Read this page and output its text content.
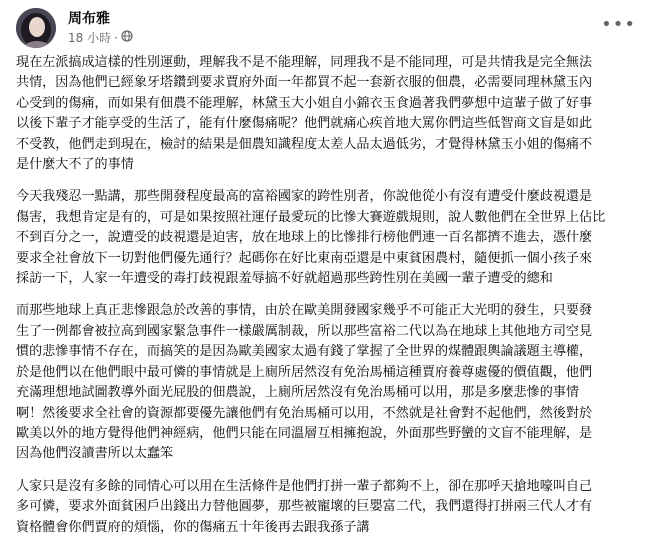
周布雅
18 小時 ·
•••
現在左派搞成這樣的性別運動，理解我不是不能理解，同理我不是不能同理，可是共情我是完全無法
共情，因為他們已經象牙塔鑽到要求賈府外面一年都買不起一套新衣服的佃農，必需要同理林黛玉內
心受到的傷痛，而如果有佃農不能理解，林黛玉大小姐自小錦衣玉食過著我們夢想中這輩子做了好事
以後下輩子才能享受的生活了，能有什麼傷痛呢？他們就痛心疾首地大罵你們這些低智商文盲是如此
不受教，他們走到現在，檢討的結果是佃農知識程度太差人品太過低劣，才覺得林黛玉小姐的傷痛不
是什麼大不了的事情
今天我殘忍一點講，那些開發程度最高的富裕國家的跨性別者，你說他從小有沒有遭受什麼歧視還是
傷害，我想肯定是有的，可是如果按照社運仔最愛玩的比慘大賽遊戲規則，說人數他們在全世界上佔比
不到百分之一，說遭受的歧視還是迫害，放在地球上的比慘排行榜他們連一百名都擠不進去，憑什麼
要求全社會放下一切對他們優先通行？起碼你在好比東南亞還是中東貧困農村，隨便抓一個小孩子來
採訪一下，人家一年遭受的毒打歧視跟羞辱搞不好就超過那些跨性別在美國一輩子遭受的總和
而那些地球上真正悲慘跟急於改善的事情，由於在歐美開發國家幾乎不可能正大光明的發生，只要發
生了一例都會被拉高到國家緊急事件一樣嚴厲制裁，所以那些富裕二代以為在地球上其他地方司空見
慣的悲慘事情不存在，而搞笑的是因為歐美國家太過有錢了掌握了全世界的煤體跟輿論議題主導權，
於是他們以在他們眼中最可憐的事情就是上廁所居然沒有免治馬桶這種賈府養尊處優的價值觀，他們
充滿理想地試圖教導外面光屁股的佃農說，上廁所居然沒有免治馬桶可以用，那是多麼悲慘的事情
啊！然後要求全社會的資源都要優先讓他們有免治馬桶可以用，不然就是社會對不起他們，然後對於
歐美以外的地方覺得他們神經病，他們只能在同溫層互相擁抱說，外面那些野蠻的文盲不能理解，是
因為他們沒讀書所以太蠢笨
人家只是沒有多餘的同情心可以用在生活條件是他們打拼一輩子都夠不上，卻在那呼天搶地嚎叫自己
多可憐，要求外面貧困戶出錢出力替他圓夢，那些被寵壞的巨嬰富二代，我們還得打拼兩三代人才有
資格體會你們賈府的煩惱，你的傷痛五十年後再去跟我孫子講
